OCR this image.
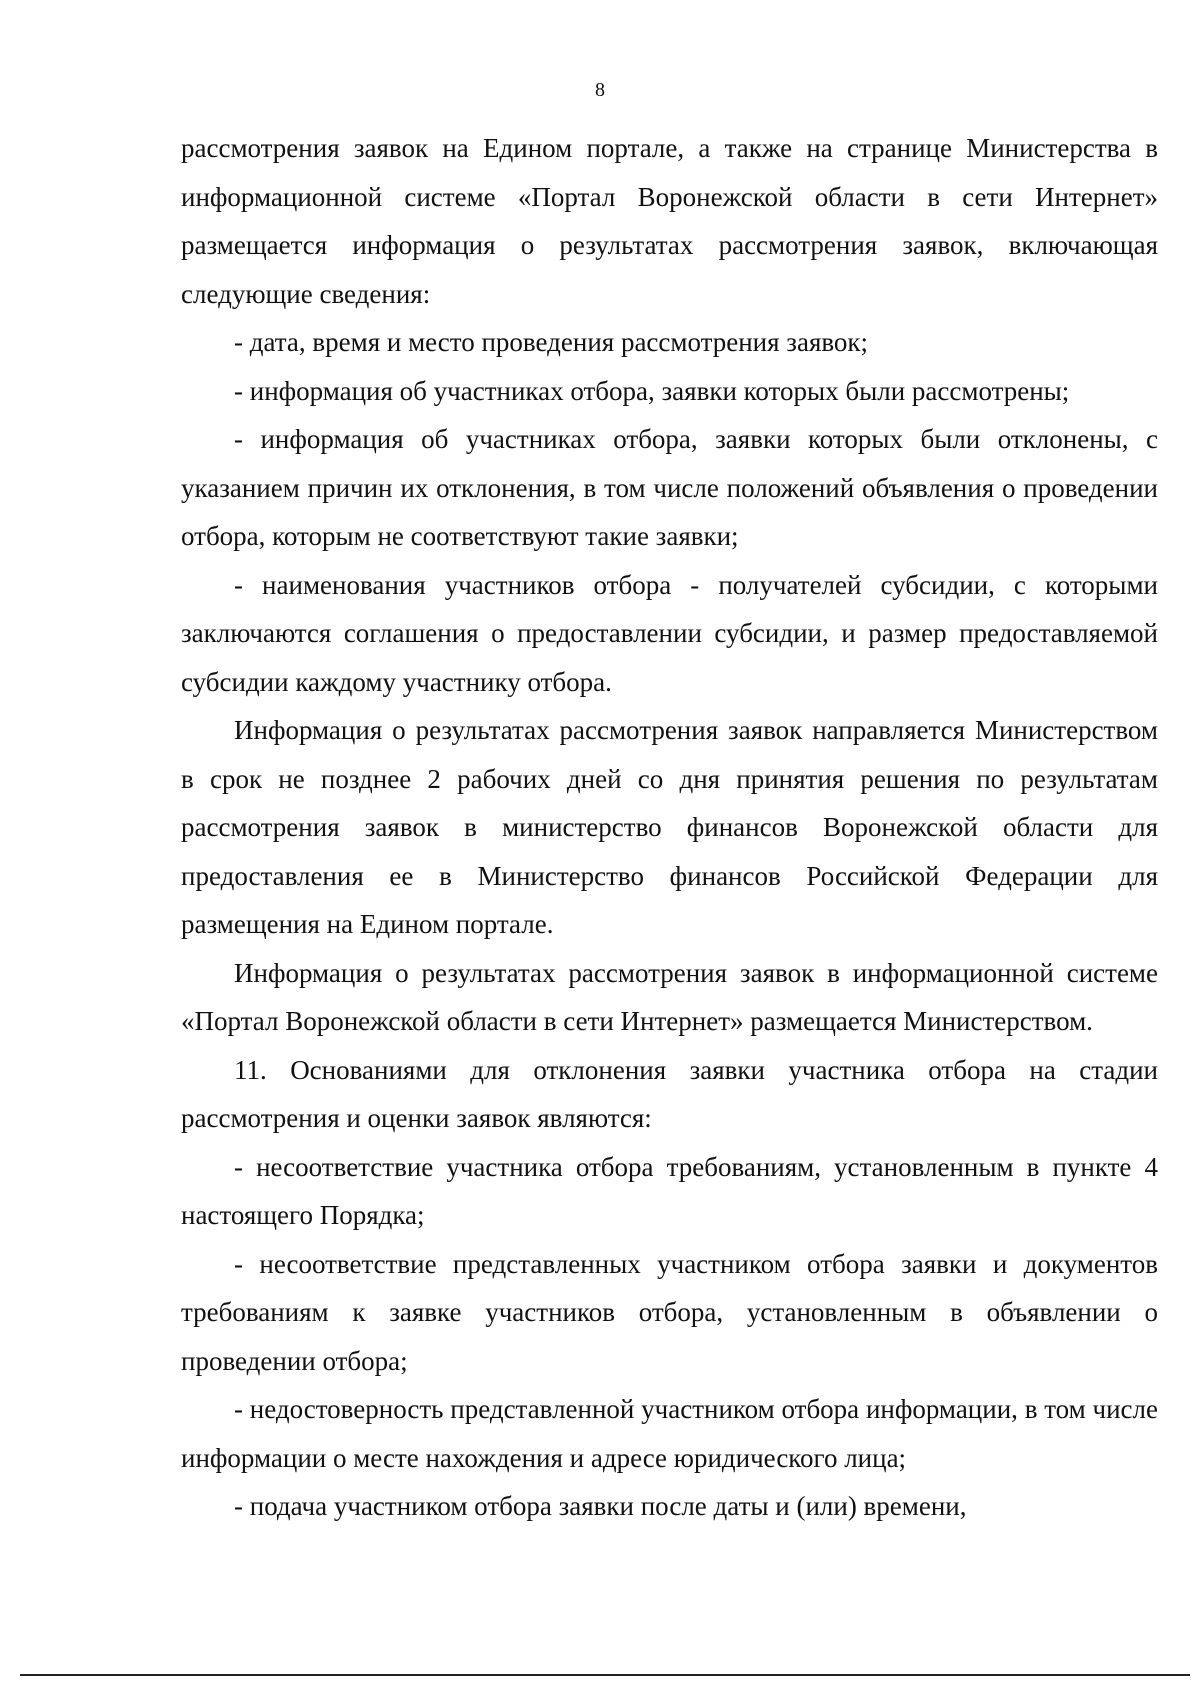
8

рассмотрения заявок на Едином портале, а также на странице Министерства в информационной системе «Портал Воронежской области в сети Интернет» размещается информация о результатах рассмотрения заявок, включающая следующие сведения:

- дата, время и место проведения рассмотрения заявок;

- информация об участниках отбора, заявки которых были рассмотрены;

- информация об участниках отбора, заявки которых были отклонены, с указанием причин их отклонения, в том числе положений объявления о проведении отбора, которым не соответствуют такие заявки;

- наименования участников отбора - получателей субсидии, с которыми заключаются соглашения о предоставлении субсидии, и размер предоставляемой субсидии каждому участнику отбора.

Информация о результатах рассмотрения заявок направляется Министерством в срок не позднее 2 рабочих дней со дня принятия решения по результатам рассмотрения заявок в министерство финансов Воронежской области для предоставления ее в Министерство финансов Российской Федерации для размещения на Едином портале.

Информация о результатах рассмотрения заявок в информационной системе «Портал Воронежской области в сети Интернет» размещается Министерством.

11. Основаниями для отклонения заявки участника отбора на стадии рассмотрения и оценки заявок являются:

- несоответствие участника отбора требованиям, установленным в пункте 4 настоящего Порядка;

- несоответствие представленных участником отбора заявки и документов требованиям к заявке участников отбора, установленным в объявлении о проведении отбора;

- недостоверность представленной участником отбора информации, в том числе информации о месте нахождения и адресе юридического лица;

- подача участником отбора заявки после даты и (или) времени,
